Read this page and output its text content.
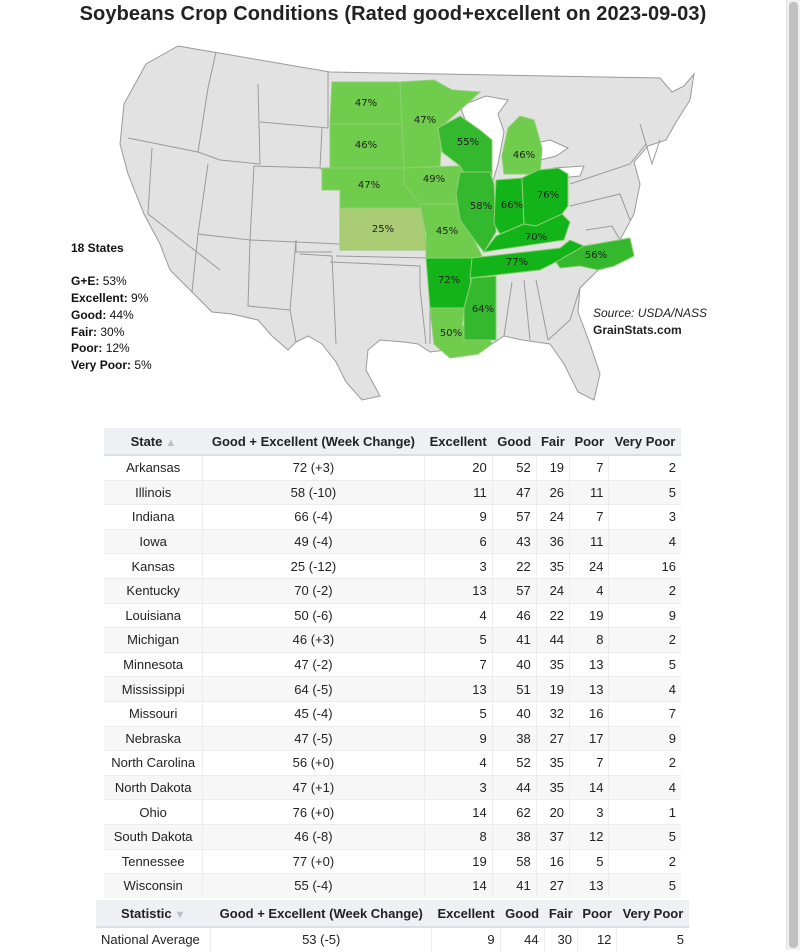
Soybeans Crop Conditions (Rated good+excellent on 2023-09-03)
47%
46%
47%
25%
47%
49%
45%
72%
50%
64%
55%
58%
46%
66%
76%
70%
77%
56%
18 States
G+E: 53%
Excellent: 9%
Good: 44%
Fair: 30%
Poor: 12%
Very Poor: 5%
Source: USDA/NASS
GrainStats.com
State ▲	Good + Excellent (Week Change)	Excellent	Good	Fair	Poor	Very Poor
Arkansas	72 (+3)	20	52	19	7	2
Illinois	58 (-10)	11	47	26	11	5
Indiana	66 (-4)	9	57	24	7	3
Iowa	49 (-4)	6	43	36	11	4
Kansas	25 (-12)	3	22	35	24	16
Kentucky	70 (-2)	13	57	24	4	2
Louisiana	50 (-6)	4	46	22	19	9
Michigan	46 (+3)	5	41	44	8	2
Minnesota	47 (-2)	7	40	35	13	5
Mississippi	64 (-5)	13	51	19	13	4
Missouri	45 (-4)	5	40	32	16	7
Nebraska	47 (-5)	9	38	27	17	9
North Carolina	56 (+0)	4	52	35	7	2
North Dakota	47 (+1)	3	44	35	14	4
Ohio	76 (+0)	14	62	20	3	1
South Dakota	46 (-8)	8	38	37	12	5
Tennessee	77 (+0)	19	58	16	5	2
Wisconsin	55 (-4)	14	41	27	13	5
Statistic ▼	Good + Excellent (Week Change)	Excellent	Good	Fair	Poor	Very Poor
National Average	53 (-5)	9	44	30	12	5
